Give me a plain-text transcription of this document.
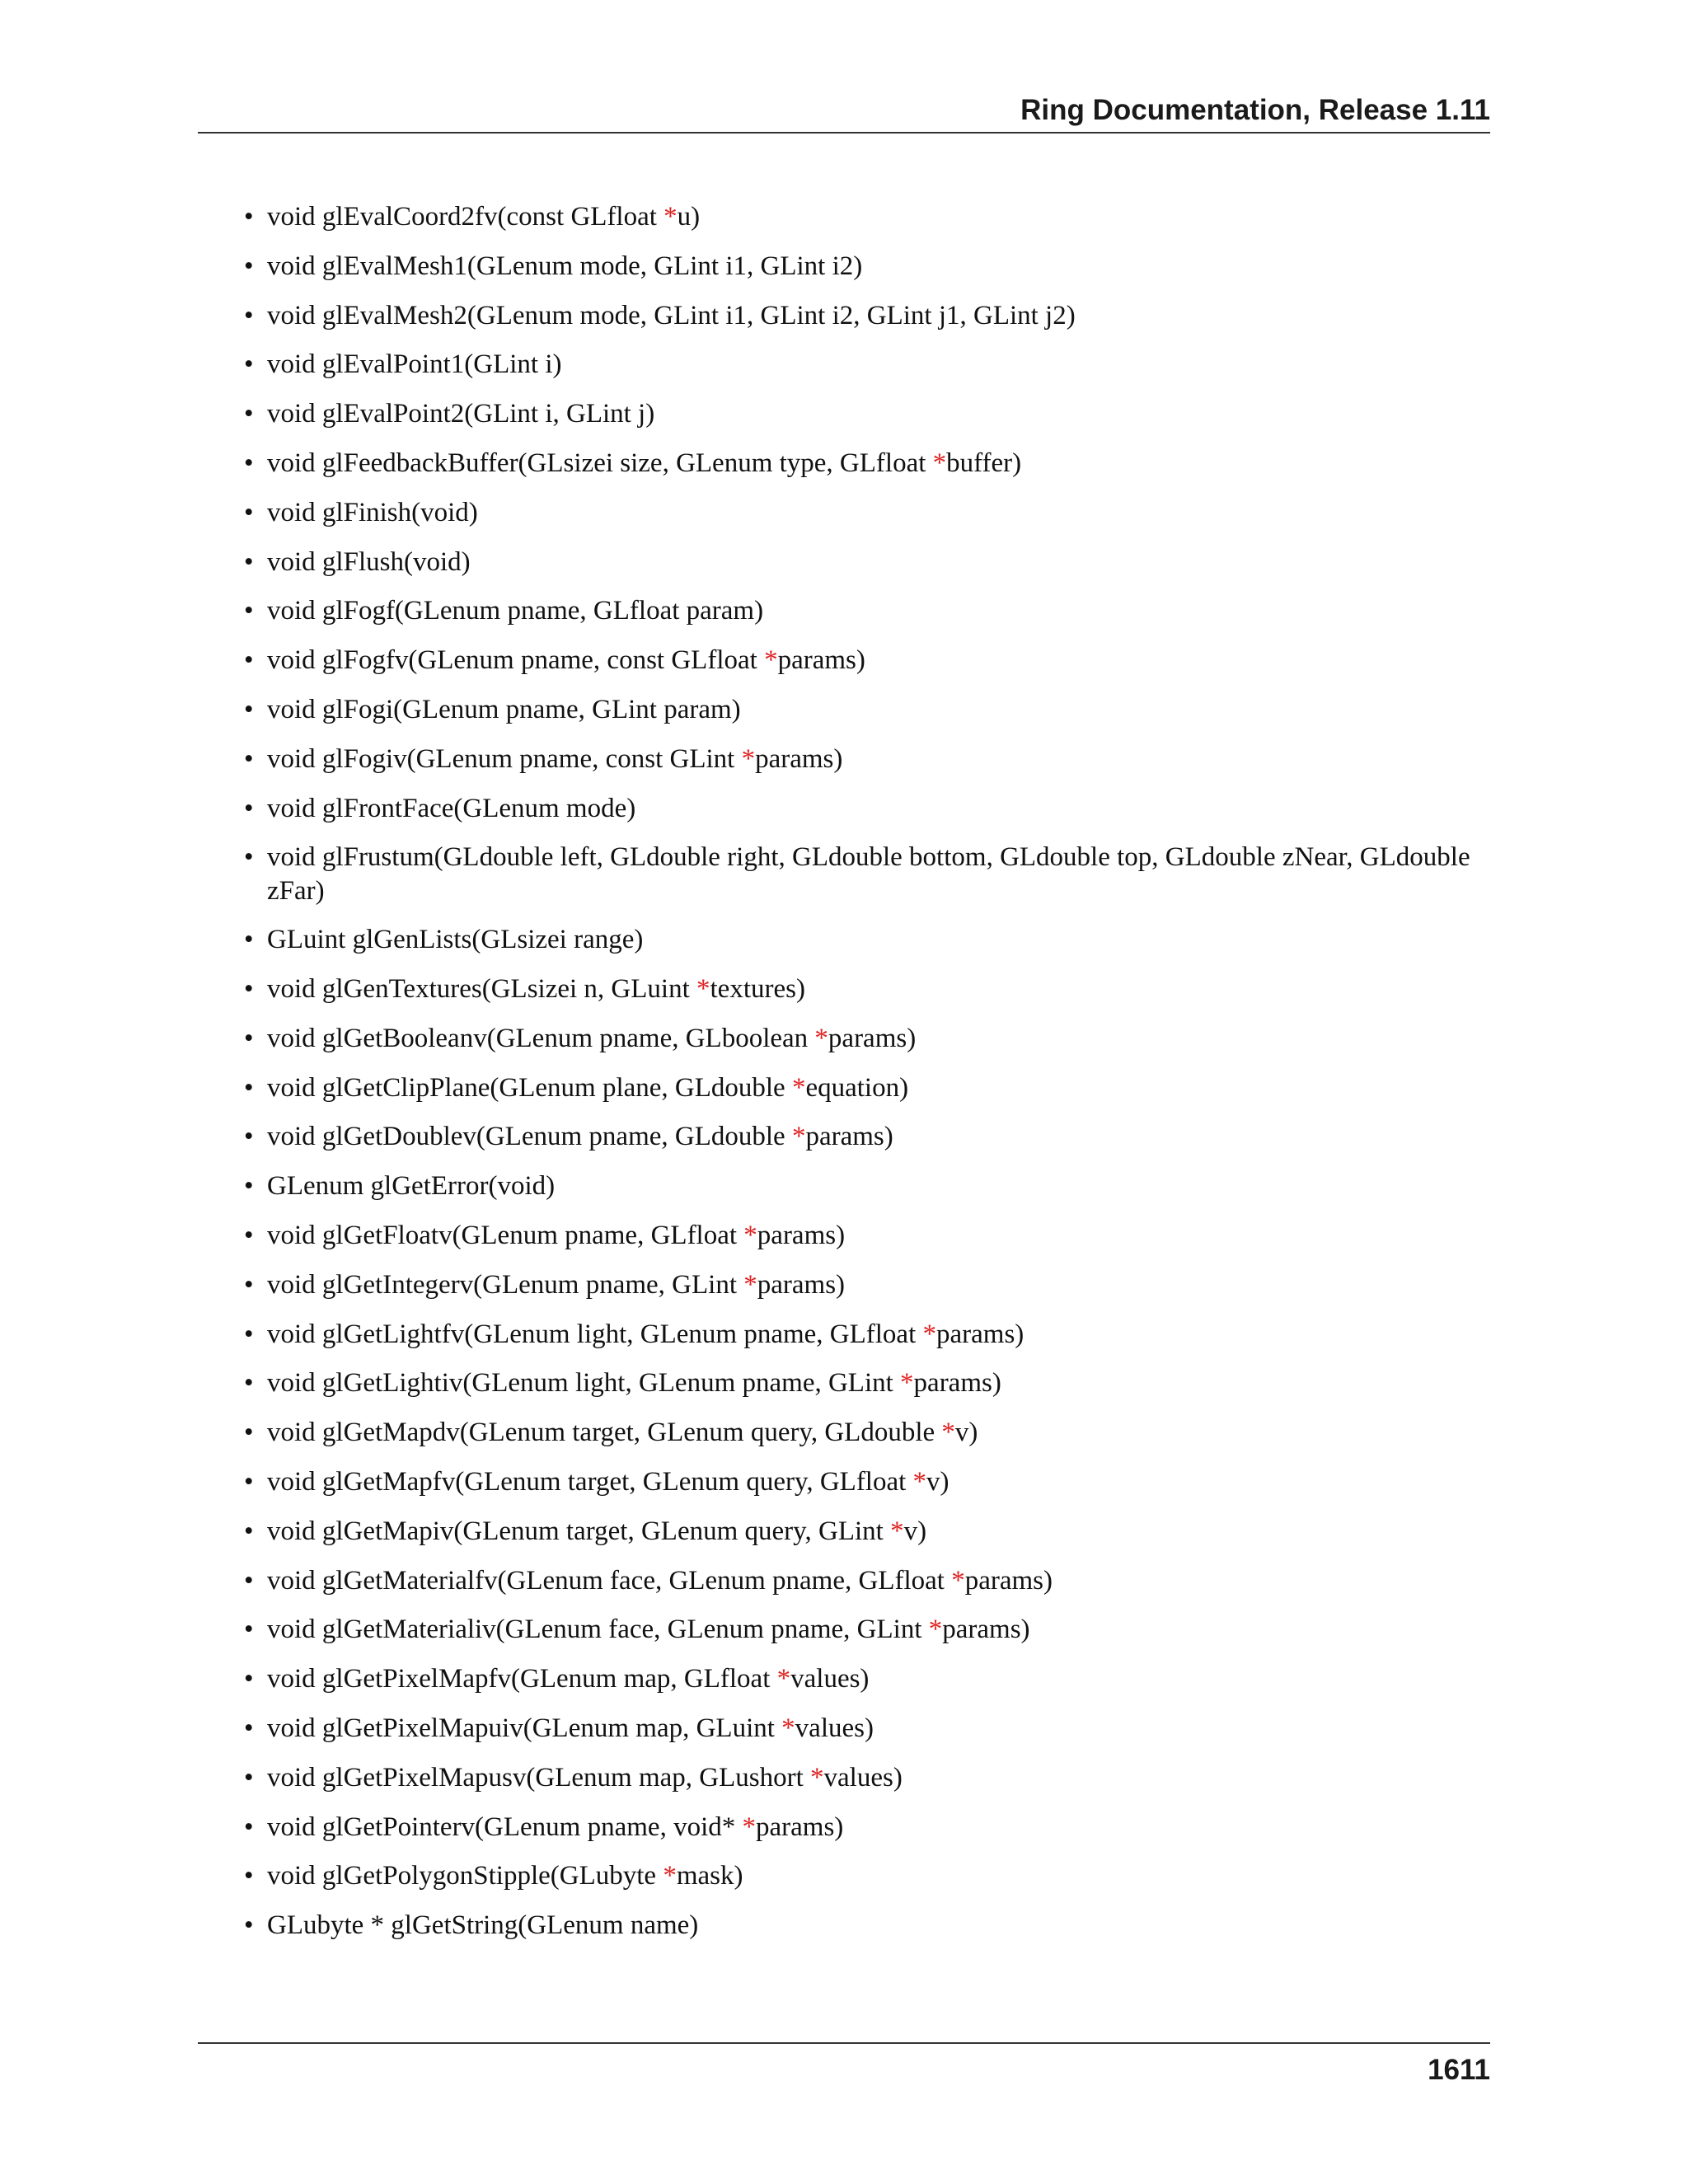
Ring Documentation, Release 1.11
• void glEvalCoord2fv(const GLfloat *u)
• void glEvalMesh1(GLenum mode, GLint i1, GLint i2)
• void glEvalMesh2(GLenum mode, GLint i1, GLint i2, GLint j1, GLint j2)
• void glEvalPoint1(GLint i)
• void glEvalPoint2(GLint i, GLint j)
• void glFeedbackBuffer(GLsizei size, GLenum type, GLfloat *buffer)
• void glFinish(void)
• void glFlush(void)
• void glFogf(GLenum pname, GLfloat param)
• void glFogfv(GLenum pname, const GLfloat *params)
• void glFogi(GLenum pname, GLint param)
• void glFogiv(GLenum pname, const GLint *params)
• void glFrontFace(GLenum mode)
• void glFrustum(GLdouble left, GLdouble right, GLdouble bottom, GLdouble top, GLdouble zNear, GLdouble zFar)
• GLuint glGenLists(GLsizei range)
• void glGenTextures(GLsizei n, GLuint *textures)
• void glGetBooleanv(GLenum pname, GLboolean *params)
• void glGetClipPlane(GLenum plane, GLdouble *equation)
• void glGetDoublev(GLenum pname, GLdouble *params)
• GLenum glGetError(void)
• void glGetFloatv(GLenum pname, GLfloat *params)
• void glGetIntegerv(GLenum pname, GLint *params)
• void glGetLightfv(GLenum light, GLenum pname, GLfloat *params)
• void glGetLightiv(GLenum light, GLenum pname, GLint *params)
• void glGetMapdv(GLenum target, GLenum query, GLdouble *v)
• void glGetMapfv(GLenum target, GLenum query, GLfloat *v)
• void glGetMapiv(GLenum target, GLenum query, GLint *v)
• void glGetMaterialfv(GLenum face, GLenum pname, GLfloat *params)
• void glGetMaterialiv(GLenum face, GLenum pname, GLint *params)
• void glGetPixelMapfv(GLenum map, GLfloat *values)
• void glGetPixelMapuiv(GLenum map, GLuint *values)
• void glGetPixelMapusv(GLenum map, GLushort *values)
• void glGetPointerv(GLenum pname, void* *params)
• void glGetPolygonStipple(GLubyte *mask)
• GLubyte * glGetString(GLenum name)
1611
